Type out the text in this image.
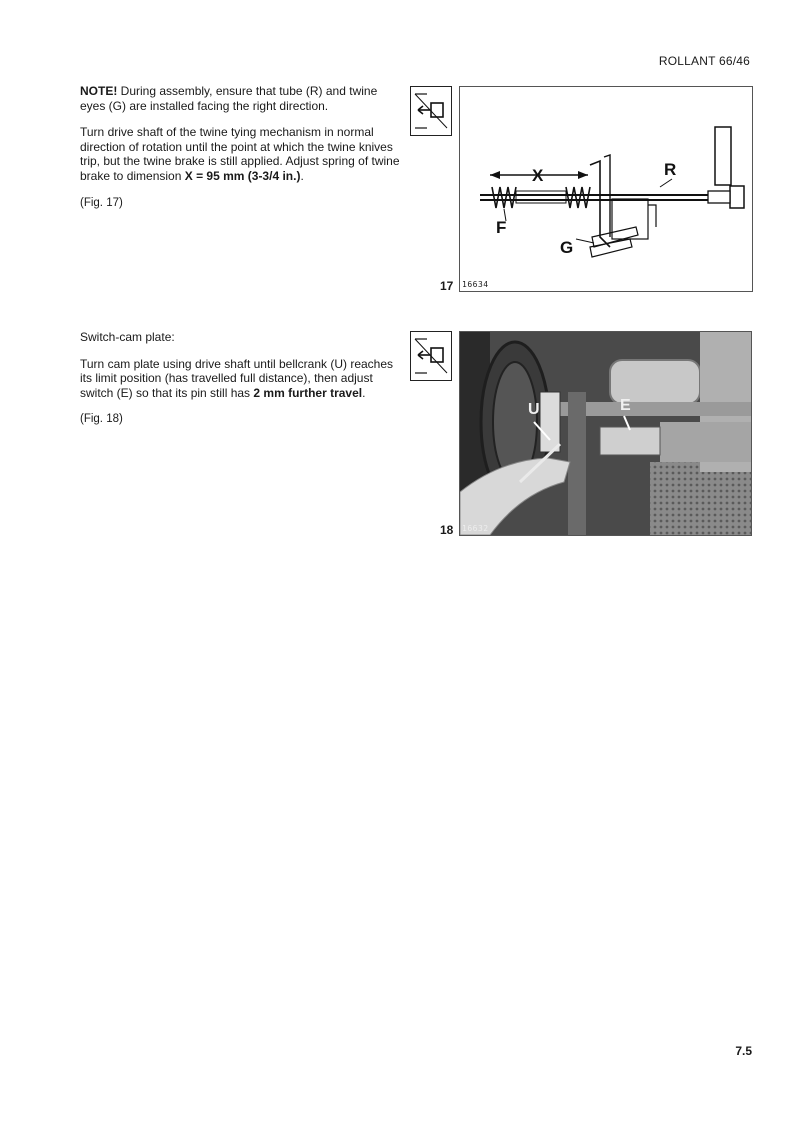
ROLLANT 66/46

NOTE! During assembly, ensure that tube (R) and twine eyes (G) are installed facing the right direction.

Turn drive shaft of the twine tying mechanism in normal direction of rotation until the point at which the twine knives trip, but the twine brake is still applied. Adjust spring of twine brake to dimension X = 95 mm (3-3/4 in.).

(Fig. 17)

X	R
F
G
17 16634

Switch-cam plate:

Turn cam plate using drive shaft until bellcrank (U) reaches its limit position (has travelled full distance), then adjust switch (E) so that its pin still has 2 mm further travel.

(Fig. 18)

U	E
18 16632
7.5
